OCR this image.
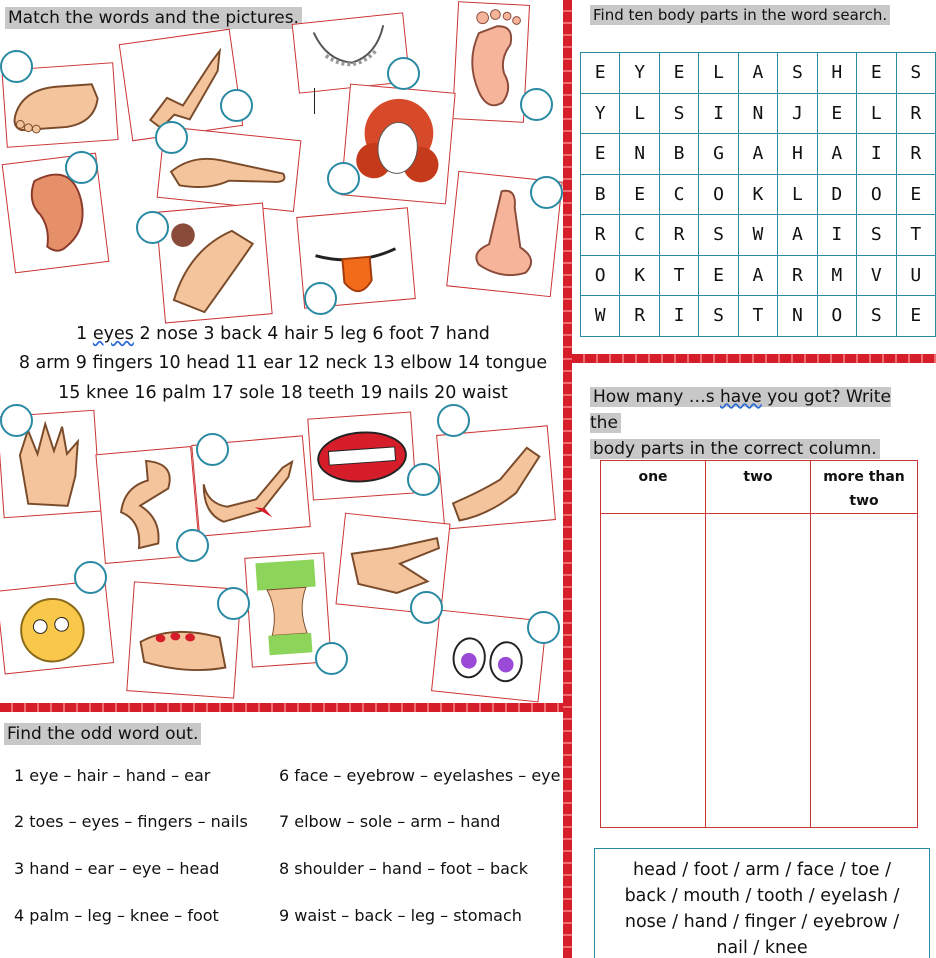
Match the words and the pictures.
1 eyes 2 nose 3 back 4 hair 5 leg 6 foot 7 hand
8 arm 9 fingers 10 head 11 ear 12 neck 13 elbow 14 tongue
15 knee 16 palm 17 sole 18 teeth 19 nails 20 waist
Find ten body parts in the word search.
E	Y	E	L	A	S	H	E	S
Y	L	S	I	N	J	E	L	R
E	N	B	G	A	H	A	I	R
B	E	C	O	K	L	D	O	E
R	C	R	S	W	A	I	S	T
O	K	T	E	A	R	M	V	U
W	R	I	S	T	N	O	S	E
How many …s have you got? Write the
body parts in the correct column.
one	two	more than two

head / foot / arm / face / toe /
back / mouth / tooth / eyelash /
nose / hand / finger / eyebrow /
nail / knee
Find the odd word out.
1 eye – hair – hand – ear
2 toes – eyes – fingers – nails
3 hand – ear – eye – head
4 palm – leg – knee – foot
6 face – eyebrow – eyelashes – eye
7 elbow – sole – arm – hand
8 shoulder – hand – foot – back
9 waist – back – leg – stomach
